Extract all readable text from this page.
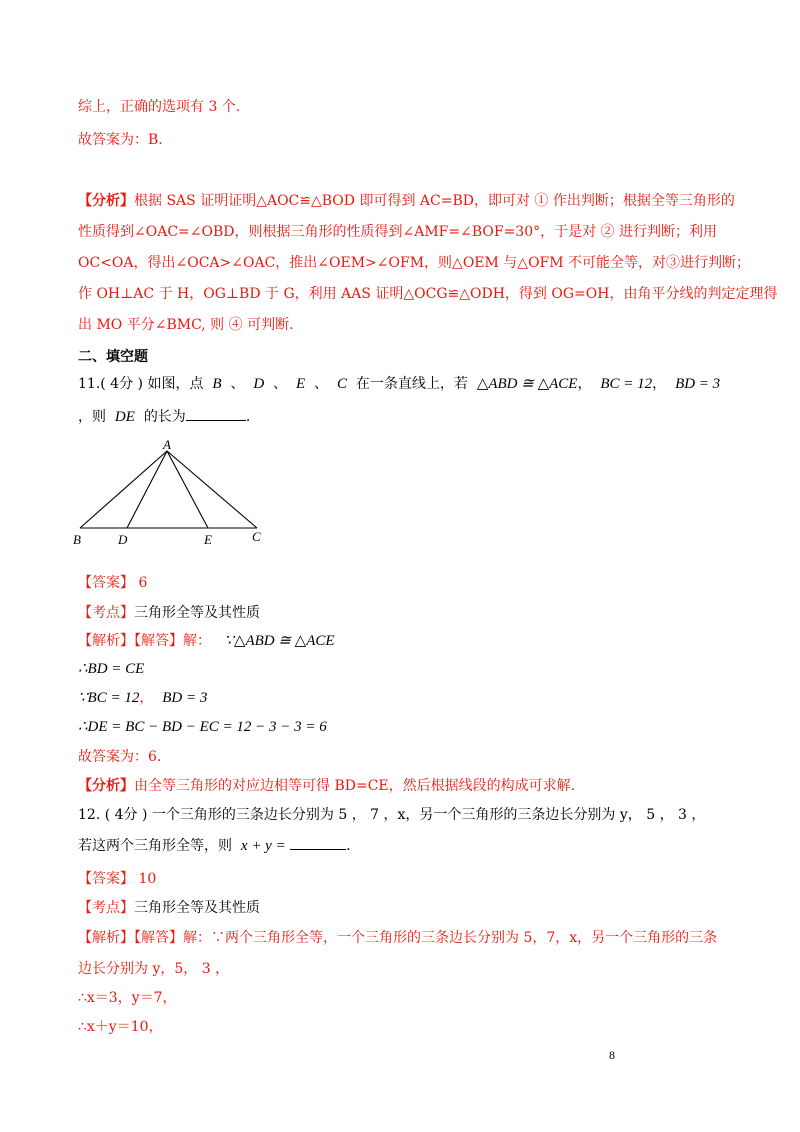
综上，正确的选项有 3 个.
故答案为：B.
【分析】根据 SAS 证明证明△AOC≌△BOD 即可得到 AC=BD，即可对 ① 作出判断；根据全等三角形的
性质得到∠OAC=∠OBD，则根据三角形的性质得到∠AMF=∠BOF=30°，于是对 ② 进行判断；利用
OC<OA，得出∠OCA>∠OAC，推出∠OEM>∠OFM，则△OEM 与△OFM 不可能全等，对③进行判断；
作 OH⊥AC 于 H，OG⊥BD 于 G，利用 AAS 证明△OCG≌△ODH，得到 OG=OH，由角平分线的判定定理得
出 MO 平分∠BMC, 则 ④ 可判断.
二、填空题
11.( 4分 ) 如图，点 B 、 D 、 E 、 C 在一条直线上，若 △ABD ≅ △ACE， BC = 12， BD = 3
，则 DE 的长为	.
A
B	D	E	C
【答案】 6
【考点】三角形全等及其性质
【解析】【解答】解： ∵△ABD ≅ △ACE
∴BD = CE
∵BC = 12， BD = 3
∴DE = BC − BD − EC = 12 − 3 − 3 = 6
故答案为：6.
【分析】由全等三角形的对应边相等可得 BD=CE，然后根据线段的构成可求解.
12. ( 4分 ) 一个三角形的三条边长分别为 5 ， 7 ，x，另一个三角形的三条边长分别为 y， 5 ， 3 ，
若这两个三角形全等，则 x + y =	.
【答案】 10
【考点】三角形全等及其性质
【解析】【解答】解：∵两个三角形全等，一个三角形的三条边长分别为 5，7，x，另一个三角形的三条
边长分别为 y，5， 3 ，
∴x＝3，y＝7，
∴x＋y＝10，
8
